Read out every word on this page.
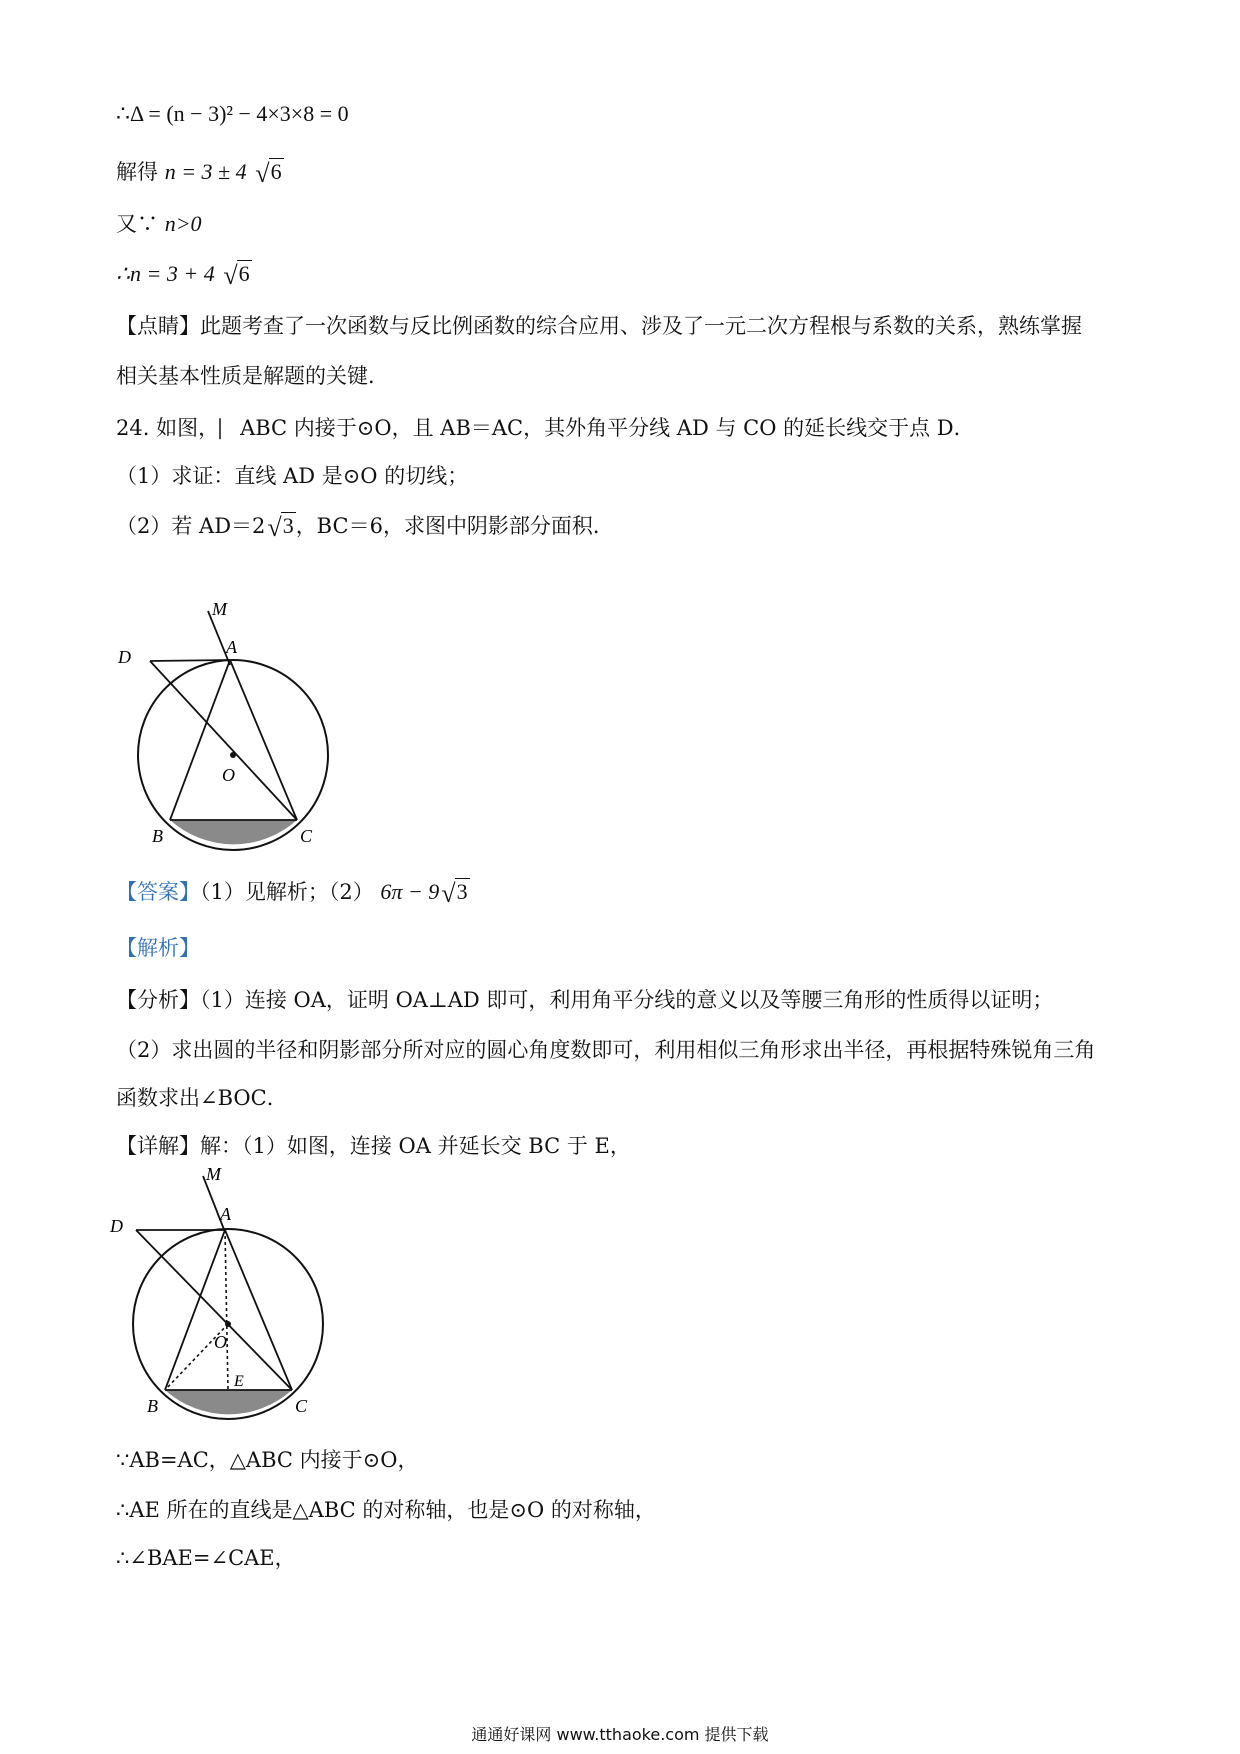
∴Δ = (n − 3)² − 4×3×8 = 0
解得 n = 3 ± 4 √6
又∵ n>0
∴n = 3 + 4 √6
【点睛】此题考查了一次函数与反比例函数的综合应用、涉及了一元二次方程根与系数的关系，熟练掌握
相关基本性质是解题的关键．
24. 如图，⎸ABC 内接于⊙O，且 AB＝AC，其外角平分线 AD 与 CO 的延长线交于点 D．
（1）求证：直线 AD 是⊙O 的切线；
（2）若 AD＝2√3，BC＝6，求图中阴影部分面积．
M
A
D
O
B	C
【答案】（1）见解析；（2） 6π − 9√3
【解析】
【分析】（1）连接 OA，证明 OA⊥AD 即可，利用角平分线的意义以及等腰三角形的性质得以证明；
（2）求出圆的半径和阴影部分所对应的圆心角度数即可，利用相似三角形求出半径，再根据特殊锐角三角
函数求出∠BOC．
【详解】解：（1）如图，连接 OA 并延长交 BC 于 E，
M
A
D
O
E
B	C
∵AB=AC，△ABC 内接于⊙O，
∴AE 所在的直线是△ABC 的对称轴，也是⊙O 的对称轴，
∴∠BAE=∠CAE，
通通好课网 www.tthaoke.com 提供下载
